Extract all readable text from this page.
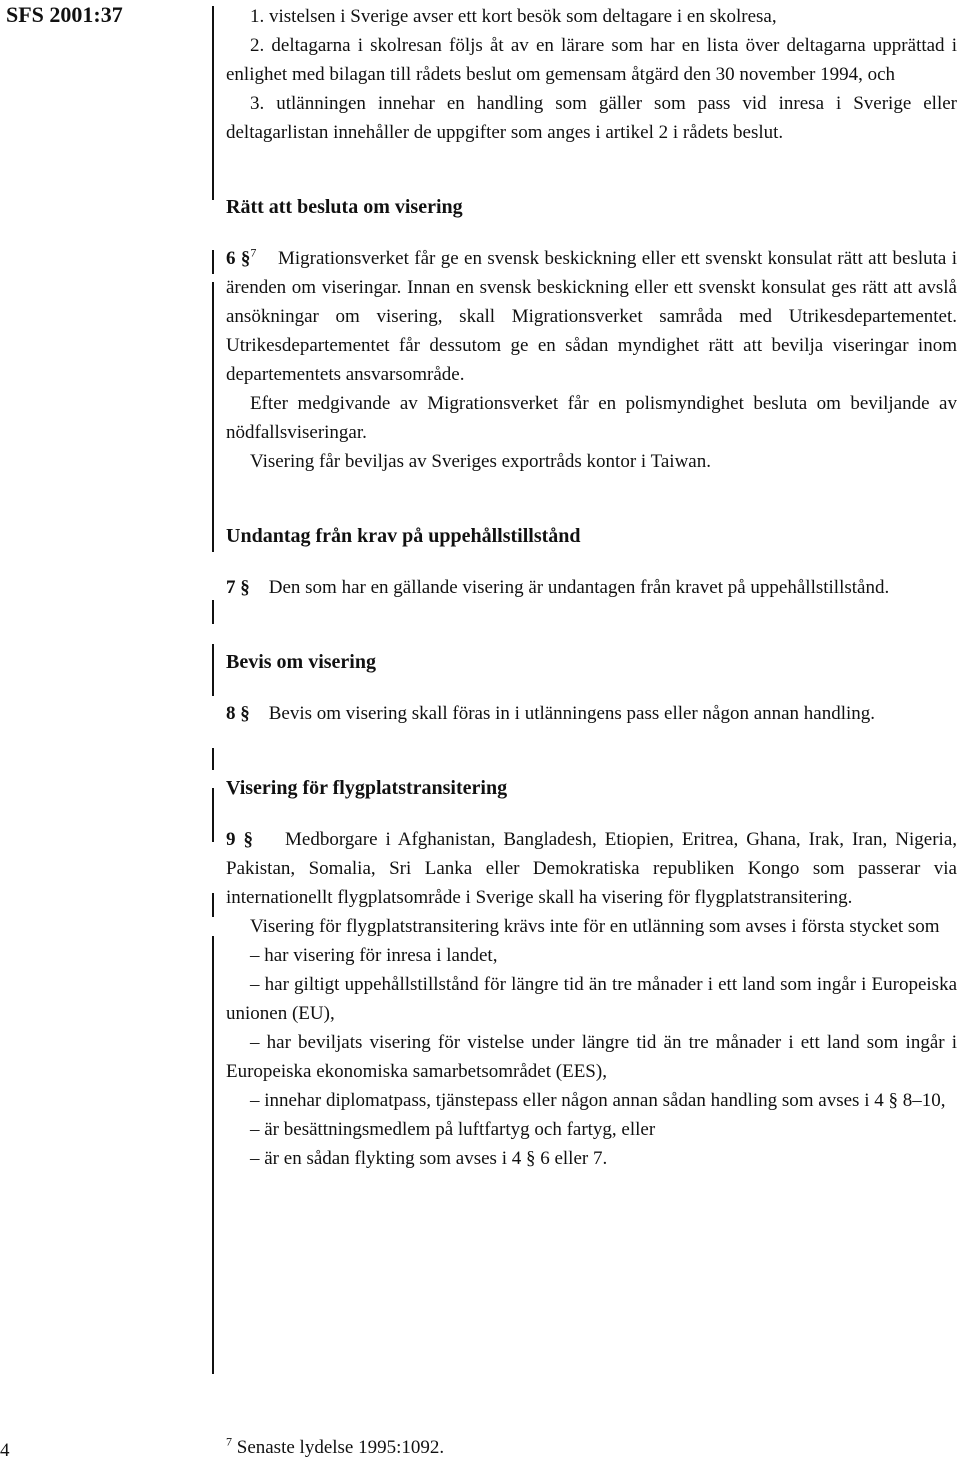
SFS 2001:37	1. vistelsen i Sverige avser ett kort besök som deltagare i en skolresa,

2. deltagarna i skolresan följs åt av en lärare som har en lista över deltagarna upprättad i enlighet med bilagan till rådets beslut om gemensam åtgärd den 30 november 1994, och

3. utlänningen innehar en handling som gäller som pass vid inresa i Sverige eller deltagarlistan innehåller de uppgifter som anges i artikel 2 i rådets beslut.

Rätt att besluta om visering

6 §$^7$ Migrationsverket får ge en svensk beskickning eller ett svenskt konsulat rätt att besluta i ärenden om viseringar. Innan en svensk beskickning eller ett svenskt konsulat ges rätt att avslå ansökningar om visering, skall Migrationsverket samråda med Utrikesdepartementet. Utrikesdepartementet får dessutom ge en sådan myndighet rätt att bevilja viseringar inom departementets ansvarsområde.

Efter medgivande av Migrationsverket får en polismyndighet besluta om beviljande av nödfallsviseringar.

Visering får beviljas av Sveriges exportråds kontor i Taiwan.

Undantag från krav på uppehållstillstånd

7 § Den som har en gällande visering är undantagen från kravet på uppehållstillstånd.

Bevis om visering

8 § Bevis om visering skall föras in i utlänningens pass eller någon annan handling.

Visering för flygplatstransitering

9 § Medborgare i Afghanistan, Bangladesh, Etiopien, Eritrea, Ghana, Irak, Iran, Nigeria, Pakistan, Somalia, Sri Lanka eller Demokratiska republiken Kongo som passerar via internationellt flygplatsområde i Sverige skall ha visering för flygplatstransitering.

Visering för flygplatstransitering krävs inte för en utlänning som avses i första stycket som

– har visering för inresa i landet,

– har giltigt uppehållstillstånd för längre tid än tre månader i ett land som ingår i Europeiska unionen (EU),

– har beviljats visering för vistelse under längre tid än tre månader i ett land som ingår i Europeiska ekonomiska samarbetsområdet (EES),

– innehar diplomatpass, tjänstepass eller någon annan sådan handling som avses i 4 § 8–10,

– är besättningsmedlem på luftfartyg och fartyg, eller

– är en sådan flykting som avses i 4 § 6 eller 7.

4	$^7$ Senaste lydelse 1995:1092.
